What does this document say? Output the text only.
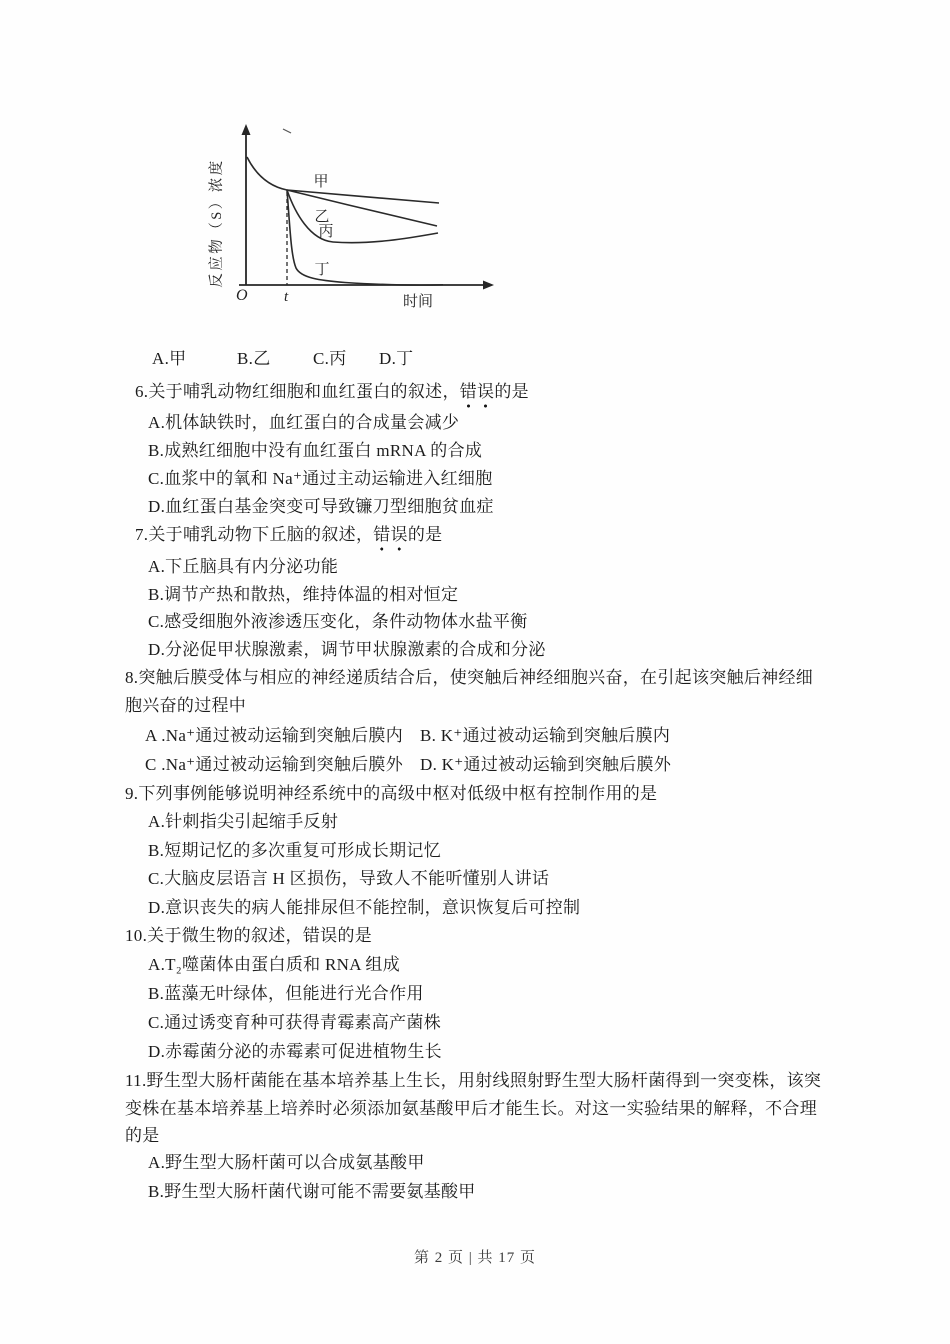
反应物（S）浓度
时间
O t
甲
乙
丙
丁
A.甲	B.乙	C.丙 D.丁
6.关于哺乳动物红细胞和血红蛋白的叙述，错误的是
A.机体缺铁时，血红蛋白的合成量会减少
B.成熟红细胞中没有血红蛋白 mRNA 的合成
C.血浆中的氧和 Na⁺通过主动运输进入红细胞
D.血红蛋白基金突变可导致镰刀型细胞贫血症
7.关于哺乳动物下丘脑的叙述，错误的是
A.下丘脑具有内分泌功能
B.调节产热和散热，维持体温的相对恒定
C.感受细胞外液渗透压变化，条件动物体水盐平衡
D.分泌促甲状腺激素，调节甲状腺激素的合成和分泌
8.突触后膜受体与相应的神经递质结合后，使突触后神经细胞兴奋，在引起该突触后神经细
胞兴奋的过程中
A .Na⁺通过被动运输到突触后膜内 B. K⁺通过被动运输到突触后膜内
C .Na⁺通过被动运输到突触后膜外 D. K⁺通过被动运输到突触后膜外
9.下列事例能够说明神经系统中的高级中枢对低级中枢有控制作用的是
A.针刺指尖引起缩手反射
B.短期记忆的多次重复可形成长期记忆
C.大脑皮层语言 H 区损伤，导致人不能听懂别人讲话
D.意识丧失的病人能排尿但不能控制，意识恢复后可控制
10.关于微生物的叙述，错误的是
A.T₂噬菌体由蛋白质和 RNA 组成
B.蓝藻无叶绿体，但能进行光合作用
C.通过诱变育种可获得青霉素高产菌株
D.赤霉菌分泌的赤霉素可促进植物生长
11.野生型大肠杆菌能在基本培养基上生长，用射线照射野生型大肠杆菌得到一突变株，该突
变株在基本培养基上培养时必须添加氨基酸甲后才能生长。对这一实验结果的解释，不合理
的是
A.野生型大肠杆菌可以合成氨基酸甲
B.野生型大肠杆菌代谢可能不需要氨基酸甲
第 2 页 | 共 17 页
